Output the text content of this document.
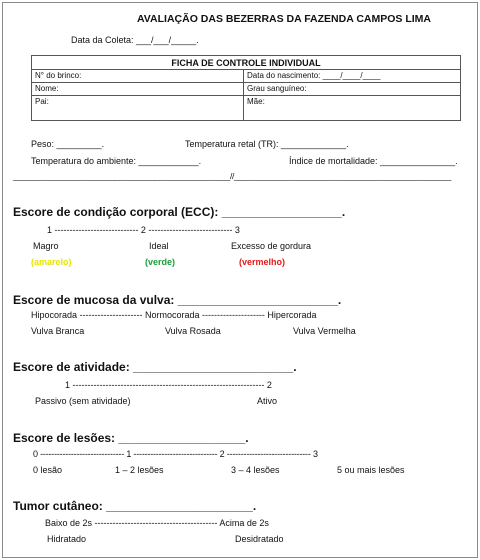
AVALIAÇÃO DAS BEZERRAS DA FAZENDA CAMPOS LIMA
Data da Coleta: ___/___/_____.
FICHA DE CONTROLE INDIVIDUAL
N° do brinco:	Data do nascimento: ____/____/____
Nome:	Grau sanguíneo:
Pai:	Mãe:
Peso: _________.	Temperatura retal (TR): _____________.
Temperatura do ambiente: ____________.	Índice de mortalidade: _______________.
_________________________________________________//_________________________________________________
Escore de condição corporal (ECC): __________________.
1 ---------------------------- 2 ---------------------------- 3
Magro	Ideal	Excesso de gordura
(amarelo)	(verde)	(vermelho)
Escore de mucosa da vulva: ________________________.
Hipocorada --------------------- Normocorada --------------------- Hipercorada
Vulva Branca	Vulva Rosada	Vulva Vermelha
Escore de atividade: ________________________.
1 ---------------------------------------------------------------- 2
Passivo (sem atividade)	Ativo
Escore de lesões: ___________________.
0 ------------------------------ 1 ------------------------------ 2 ------------------------------ 3
0 lesão	1 – 2 lesões	3 – 4 lesões	5 ou mais lesões
Tumor cutâneo: ______________________.
Baixo de 2s ----------------------------------------- Acima de 2s
Hidratado	Desidratado
